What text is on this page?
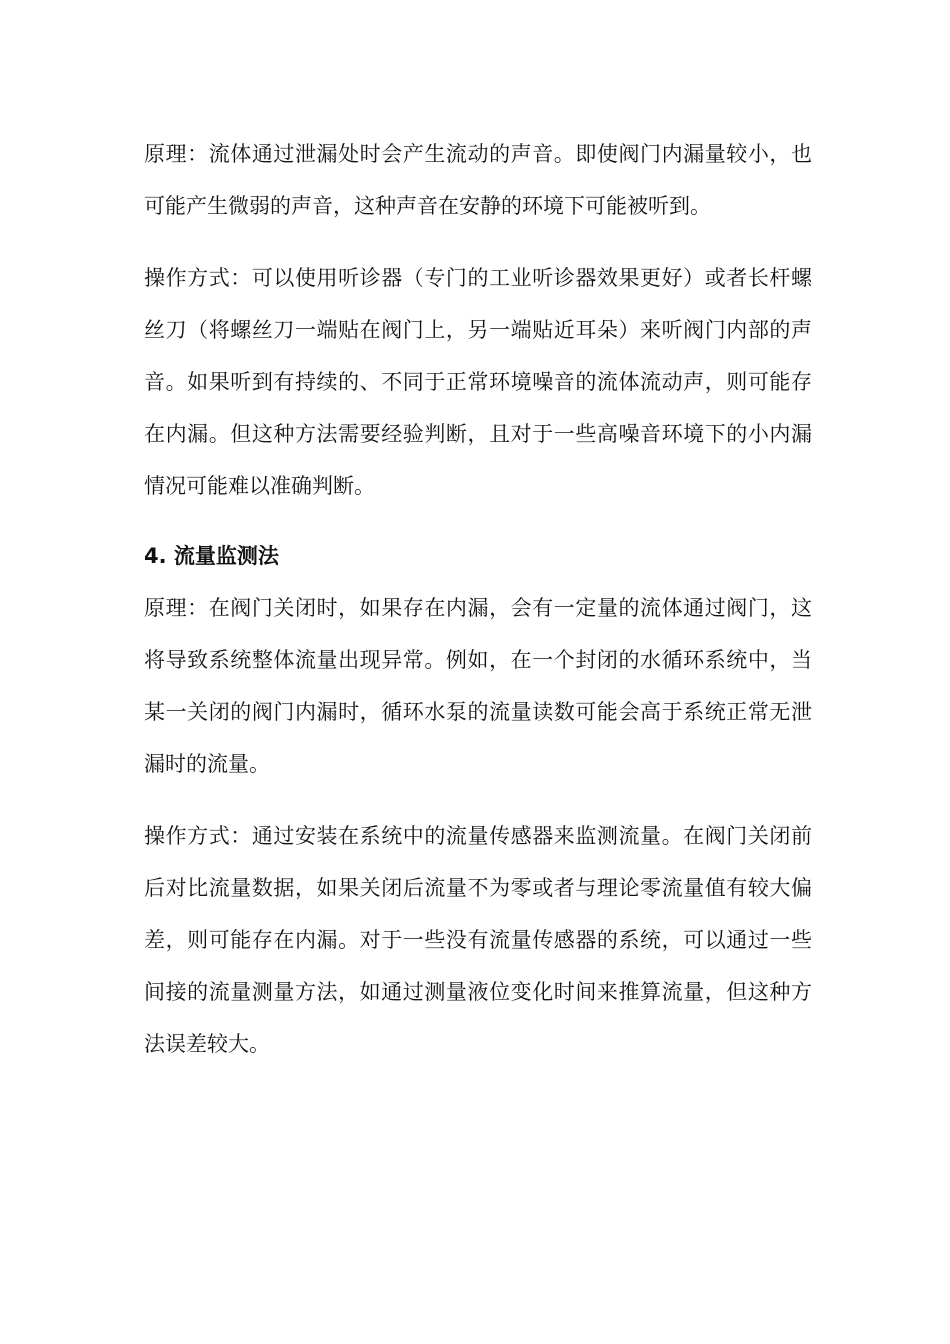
原理：流体通过泄漏处时会产生流动的声音。即使阀门内漏量较小，也可能产生微弱的声音，这种声音在安静的环境下可能被听到。

操作方式：可以使用听诊器（专门的工业听诊器效果更好）或者长杆螺丝刀（将螺丝刀一端贴在阀门上，另一端贴近耳朵）来听阀门内部的声音。如果听到有持续的、不同于正常环境噪音的流体流动声，则可能存在内漏。但这种方法需要经验判断，且对于一些高噪音环境下的小内漏情况可能难以准确判断。

4. 流量监测法

原理：在阀门关闭时，如果存在内漏，会有一定量的流体通过阀门，这将导致系统整体流量出现异常。例如，在一个封闭的水循环系统中，当某一关闭的阀门内漏时，循环水泵的流量读数可能会高于系统正常无泄漏时的流量。

操作方式：通过安装在系统中的流量传感器来监测流量。在阀门关闭前后对比流量数据，如果关闭后流量不为零或者与理论零流量值有较大偏差，则可能存在内漏。对于一些没有流量传感器的系统，可以通过一些间接的流量测量方法，如通过测量液位变化时间来推算流量，但这种方法误差较大。
